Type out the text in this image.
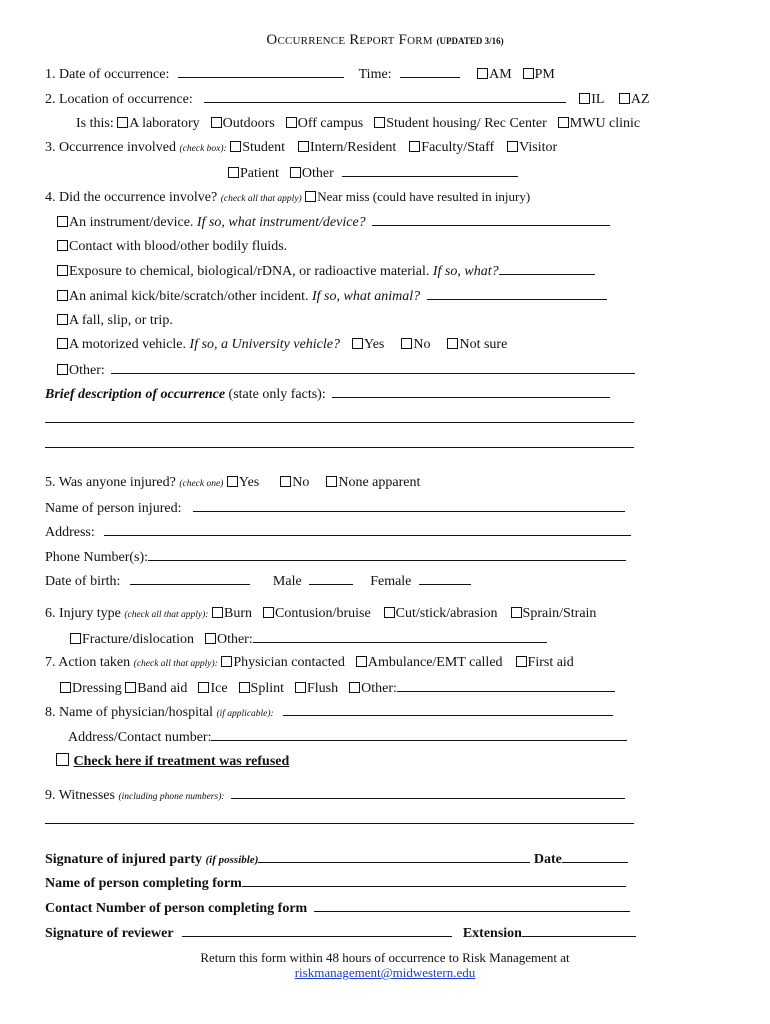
Occurrence Report Form (UPDATED 3/16)
1. Date of occurrence:	Time:	AM PM
2. Location of occurrence:	IL AZ
Is this: A laboratory Outdoors Off campus Student housing/ Rec Center MWU clinic
3. Occurrence involved (check box): Student Intern/Resident Faculty/Staff Visitor
Patient Other
4. Did the occurrence involve? (check all that apply) Near miss (could have resulted in injury)
An instrument/device. If so, what instrument/device?
Contact with blood/other bodily fluids.
Exposure to chemical, biological/rDNA, or radioactive material. If so, what?
An animal kick/bite/scratch/other incident. If so, what animal?
A fall, slip, or trip.
A motorized vehicle. If so, a University vehicle? Yes No Not sure
Other:
Brief description of occurrence (state only facts):
5. Was anyone injured? (check one) Yes No None apparent
Name of person injured:
Address:
Phone Number(s):
Date of birth:	Male	Female
6. Injury type (check all that apply): Burn Contusion/bruise Cut/stick/abrasion Sprain/Strain
Fracture/dislocation Other:
7. Action taken (check all that apply): Physician contacted Ambulance/EMT called First aid
Dressing Band aid Ice Splint Flush Other:
8. Name of physician/hospital (if applicable):
Address/Contact number:
Check here if treatment was refused
9. Witnesses (including phone numbers):
Signature of injured party (if possible)	Date
Name of person completing form
Contact Number of person completing form
Signature of reviewer	Extension
Return this form within 48 hours of occurrence to Risk Management at
riskmanagement@midwestern.edu
